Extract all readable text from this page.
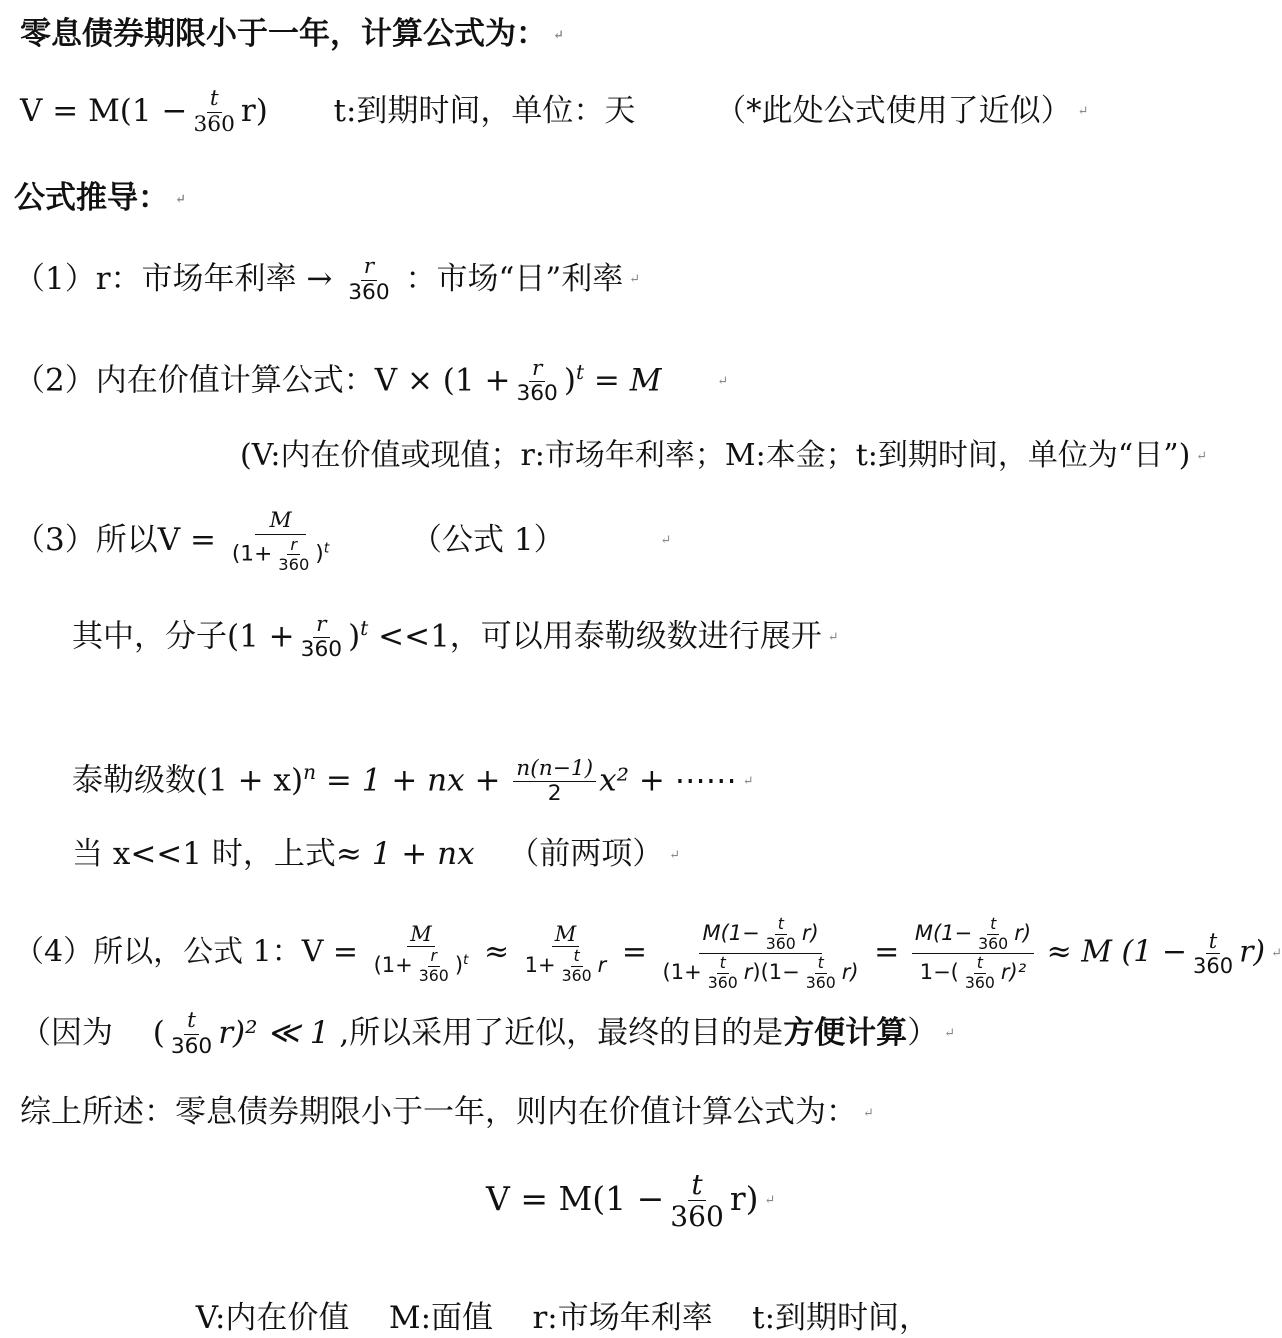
零息债券期限小于一年，计算公式为： ↵
$V = M(1 - \frac{t}{360} r)$ t:到期时间，单位：天	（*此处公式使用了近似） ↵
公式推导： ↵
（1）r：市场年利率 → $\frac{r}{360}$ ：市场“日”利率 ↵
（2）内在价值计算公式：$V \times (1 + \frac{r}{360} )^t = M$	↵
(V:内在价值或现值；r:市场年利率；M:本金；t:到期时间，单位为“日”) ↵
（3）所以$V = \frac{M}{(1+ \frac{r}{360} )^t}$	（公式 1）	↵
其中，分子$(1 + \frac{r}{360} )^t <<1$，可以用泰勒级数进行展开 ↵
泰勒级数$(1 + x)^n = 1$ + nx + $\frac{n(n-1)}{2} x^2$ + ⋯⋯ ↵
当 x<<1 时，上式≈ 1 + nx （前两项） ↵
（4）所以，公式 1：$V = \frac{M}{(1+ \frac{r}{360} )^t} \approx \frac{M}{1+ \frac{t}{360} r} = \frac{M(1- \frac{t}{360} r)}{(1+ \frac{t}{360} r)(1- \frac{t}{360} r)} = \frac{M(1- \frac{t}{360} r)}{1-( \frac{t}{360} r)^2} \approx M$ $(1 - \frac{t}{360} r)$ ↵
（因为 ( $\frac{t}{360} r)^2$ ≪ 1 ,所以采用了近似，最终的目的是方便计算） ↵
综上所述：零息债券期限小于一年，则内在价值计算公式为： ↵
$V = M(1 - \frac{t}{360} r)$ ↵

V:内在价值    M:面值    r:市场年利率    t:到期时间，
